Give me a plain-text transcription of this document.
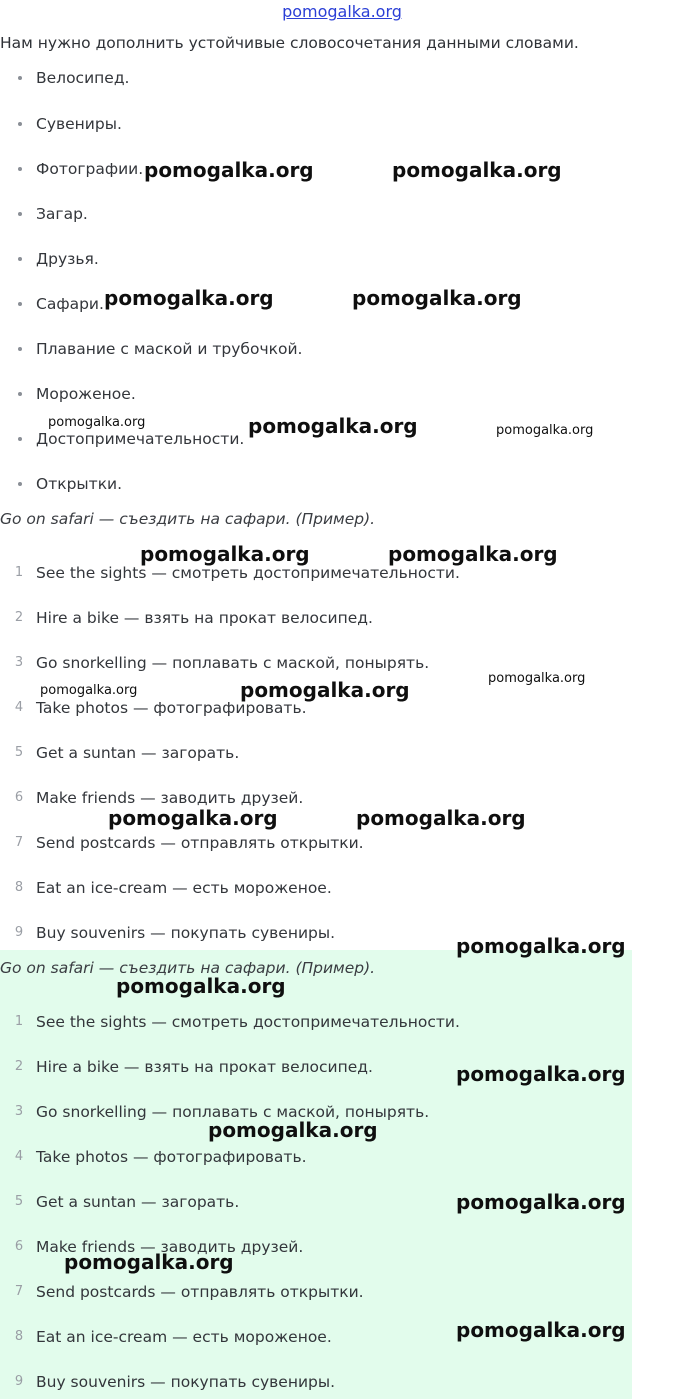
pomogalka.org
Нам нужно дополнить устойчивые словосочетания данными словами.
Велосипед.
Сувениры.
Фотографии.
Загар.
Друзья.
Сафари.
Плавание с маской и трубочкой.
Мороженое.
Достопримечательности.
Открытки.
Go on safari — съездить на сафари. (Пример).
1 See the sights — смотреть достопримечательности.
2 Hire a bike — взять на прокат велосипед.
3 Go snorkelling — поплавать с маской, понырять.
4 Take photos — фотографировать.
5 Get a suntan — загорать.
6 Make friends — заводить друзей.
7 Send postcards — отправлять открытки.
8 Eat an ice-cream — есть мороженое.
9 Buy souvenirs — покупать сувениры.
Go on safari — съездить на сафари. (Пример).
1 See the sights — смотреть достопримечательности.
2 Hire a bike — взять на прокат велосипед.
3 Go snorkelling — поплавать с маской, понырять.
4 Take photos — фотографировать.
5 Get a suntan — загорать.
6 Make friends — заводить друзей.
7 Send postcards — отправлять открытки.
8 Eat an ice-cream — есть мороженое.
9 Buy souvenirs — покупать сувениры.
pomogalka.org	pomogalka.org
pomogalka.org	pomogalka.org
pomogalka.org	pomogalka.org	pomogalka.org
pomogalka.org	pomogalka.org
pomogalka.org	pomogalka.org	pomogalka.org
pomogalka.org	pomogalka.org
pomogalka.org
pomogalka.org
pomogalka.org
pomogalka.org
pomogalka.org
pomogalka.org
pomogalka.org
